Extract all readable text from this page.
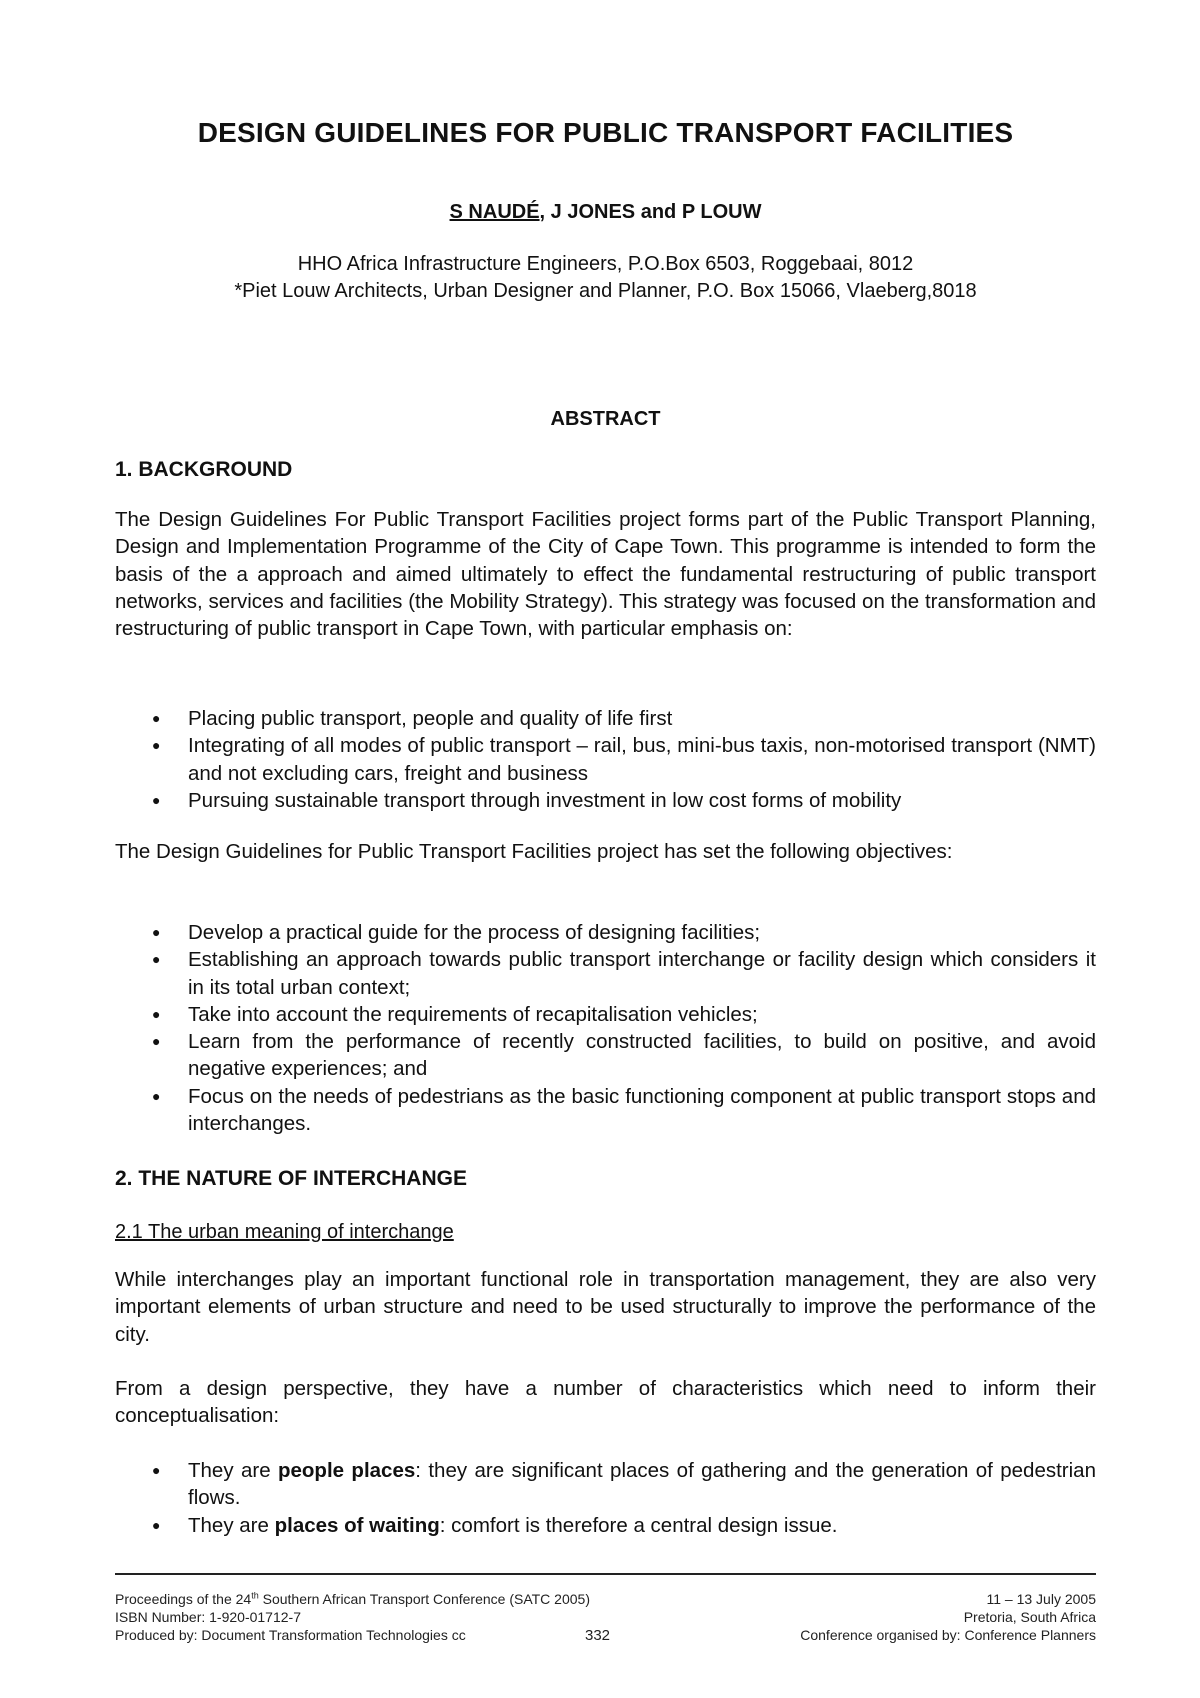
DESIGN GUIDELINES FOR PUBLIC TRANSPORT FACILITIES
S NAUDÉ, J JONES and P LOUW
HHO Africa Infrastructure Engineers, P.O.Box 6503, Roggebaai, 8012
*Piet Louw Architects, Urban Designer and Planner, P.O. Box 15066, Vlaeberg,8018
ABSTRACT
1. BACKGROUND

The Design Guidelines For Public Transport Facilities project forms part of the Public Transport Planning, Design and Implementation Programme of the City of Cape Town. This programme is intended to form the basis of the a approach and aimed ultimately to effect the fundamental restructuring of public transport networks, services and facilities (the Mobility Strategy). This strategy was focused on the transformation and restructuring of public transport in Cape Town, with particular emphasis on:

● Placing public transport, people and quality of life first
● Integrating of all modes of public transport – rail, bus, mini-bus taxis, non-motorised transport (NMT) and not excluding cars, freight and business
● Pursuing sustainable transport through investment in low cost forms of mobility

The Design Guidelines for Public Transport Facilities project has set the following objectives:

● Develop a practical guide for the process of designing facilities;
● Establishing an approach towards public transport interchange or facility design which considers it in its total urban context;
● Take into account the requirements of recapitalisation vehicles;
● Learn from the performance of recently constructed facilities, to build on positive, and avoid negative experiences; and
● Focus on the needs of pedestrians as the basic functioning component at public transport stops and interchanges.
2. THE NATURE OF INTERCHANGE
2.1 The urban meaning of interchange

While interchanges play an important functional role in transportation management, they are also very important elements of urban structure and need to be used structurally to improve the performance of the city.

From a design perspective, they have a number of characteristics which need to inform their conceptualisation:

● They are people places: they are significant places of gathering and the generation of pedestrian flows.
● They are places of waiting: comfort is therefore a central design issue.
Proceedings of the 24th Southern African Transport Conference (SATC 2005)
ISBN Number: 1-920-01712-7
Produced by: Document Transformation Technologies cc
11 – 13 July 2005
Pretoria, South Africa
Conference organised by: Conference Planners
332
